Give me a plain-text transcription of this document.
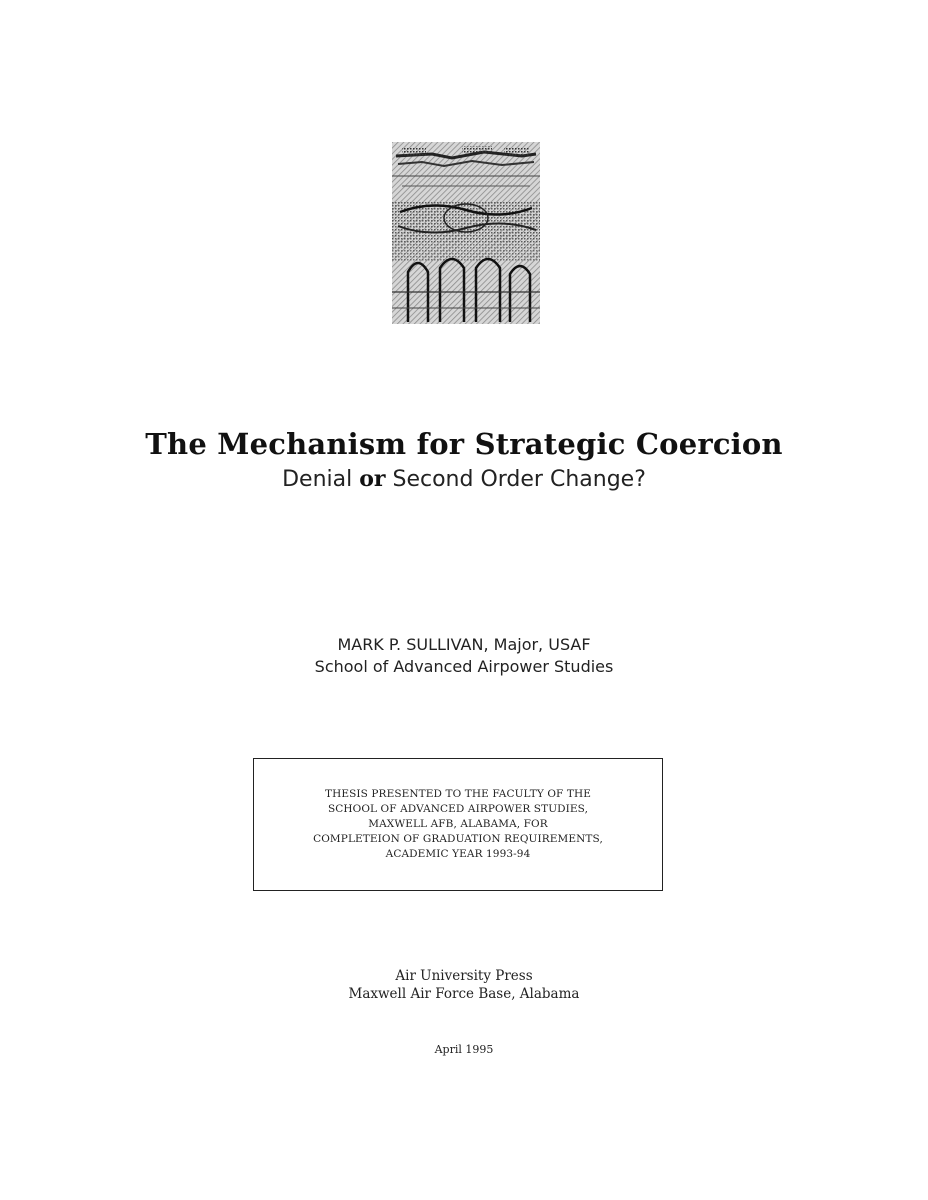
The Mechanism for Strategic Coercion
Denial or Second Order Change?
MARK P. SULLIVAN, Major, USAF
School of Advanced Airpower Studies
THESIS PRESENTED TO THE FACULTY OF THE
SCHOOL OF ADVANCED AIRPOWER STUDIES,
MAXWELL AFB, ALABAMA, FOR
COMPLETEION OF GRADUATION REQUIREMENTS,
ACADEMIC YEAR 1993-94
Air University Press
Maxwell Air Force Base, Alabama
April 1995
